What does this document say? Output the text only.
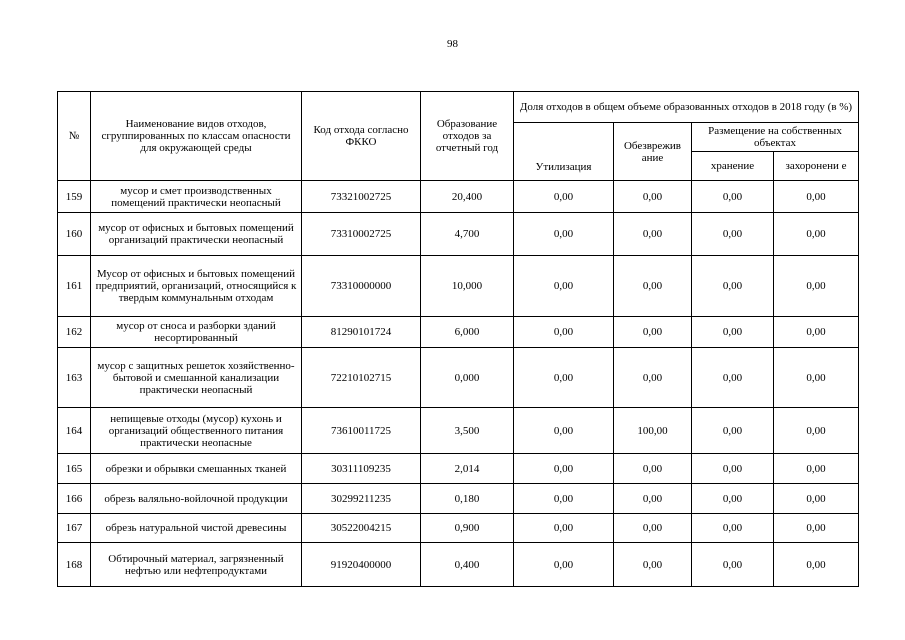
98
№	Наименование видов отходов, сгруппированных по классам опасности для окружающей среды	Код отхода согласно ФККО	Образование отходов за отчетный год	Доля отходов в общем объеме образованных отходов в 2018 году (в %)			
				Утилизация	Обезврежив ание	Размещение на собственных объектах	
						хранение	захоронени е
159	мусор и смет производственных помещений практически неопасный	73321002725	20,400	0,00	0,00	0,00	0,00
160	мусор от офисных и бытовых помещений организаций практически неопасный	73310002725	4,700	0,00	0,00	0,00	0,00
161	Мусор от офисных и бытовых помещений предприятий, организаций, относящийся к твердым коммунальным отходам	73310000000	10,000	0,00	0,00	0,00	0,00
162	мусор от сноса и разборки зданий несортированный	81290101724	6,000	0,00	0,00	0,00	0,00
163	мусор с защитных решеток хозяйственно-бытовой и смешанной канализации практически неопасный	72210102715	0,000	0,00	0,00	0,00	0,00
164	непищевые отходы (мусор) кухонь и организаций общественного питания практически неопасные	73610011725	3,500	0,00	100,00	0,00	0,00
165	обрезки и обрывки смешанных тканей	30311109235	2,014	0,00	0,00	0,00	0,00
166	обрезь валяльно-войлочной продукции	30299211235	0,180	0,00	0,00	0,00	0,00
167	обрезь натуральной чистой древесины	30522004215	0,900	0,00	0,00	0,00	0,00
168	Обтирочный материал, загрязненный нефтью или нефтепродуктами	91920400000	0,400	0,00	0,00	0,00	0,00
